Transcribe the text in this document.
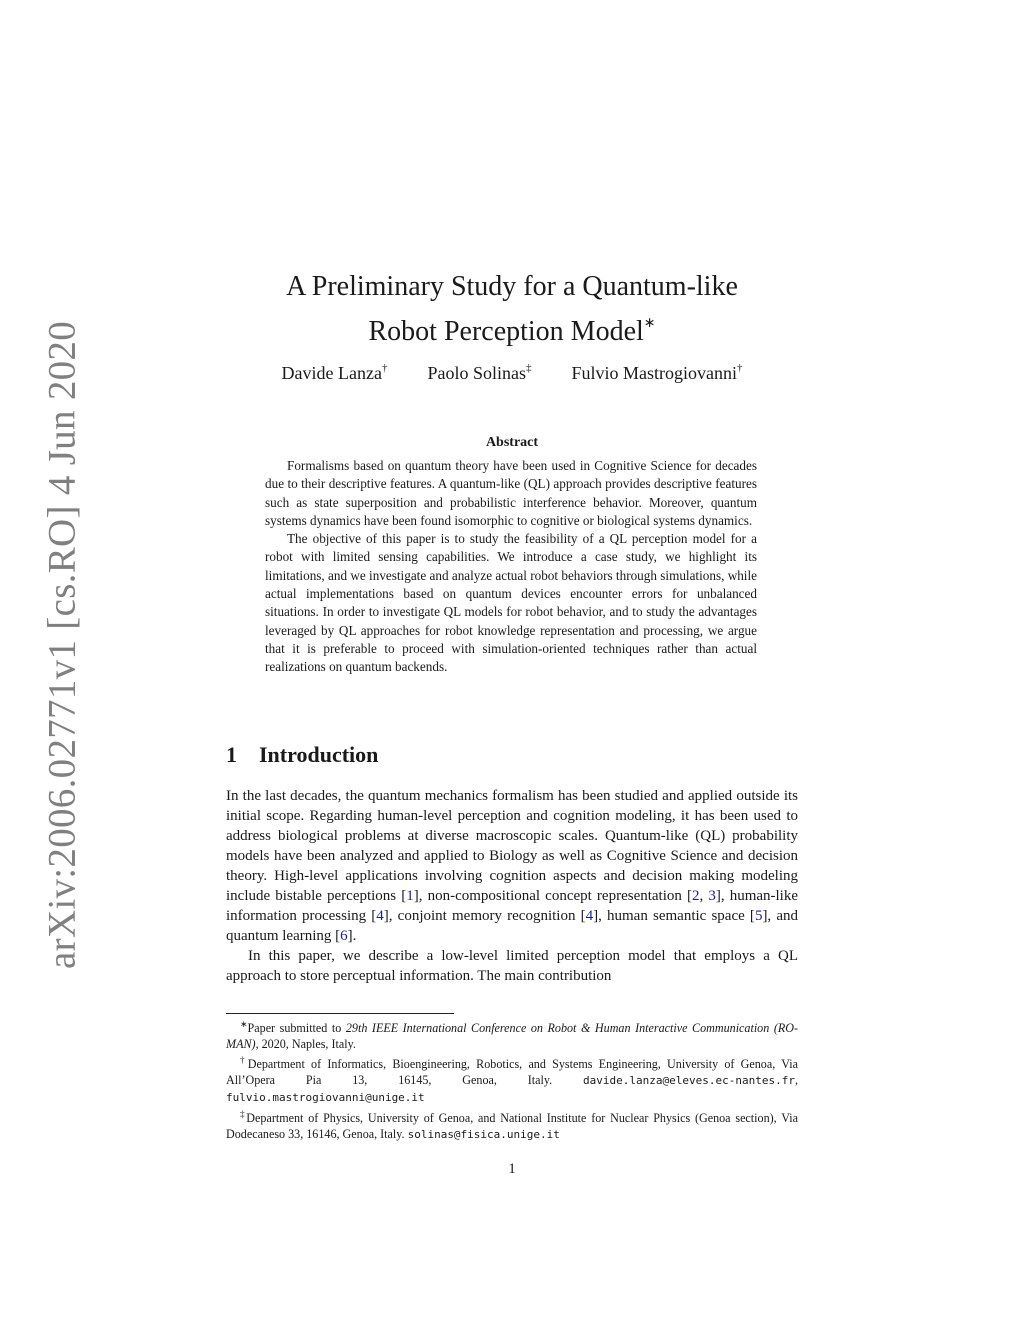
arXiv:2006.02771v1 [cs.RO] 4 Jun 2020
A Preliminary Study for a Quantum-like
Robot Perception Model∗
Davide Lanza† Paolo Solinas‡ Fulvio Mastrogiovanni†
Abstract

Formalisms based on quantum theory have been used in Cognitive Science for decades due to their descriptive features. A quantum-like (QL) approach provides descriptive features such as state superposition and probabilistic interference behavior. Moreover, quantum systems dynamics have been found isomorphic to cognitive or biological systems dynamics.

The objective of this paper is to study the feasibility of a QL perception model for a robot with limited sensing capabilities. We introduce a case study, we highlight its limitations, and we investigate and analyze actual robot behaviors through simulations, while actual implementations based on quantum devices encounter errors for unbalanced situations. In order to investigate QL models for robot behavior, and to study the advantages leveraged by QL approaches for robot knowledge representation and processing, we argue that it is preferable to proceed with simulation-oriented techniques rather than actual realizations on quantum backends.

1 Introduction

In the last decades, the quantum mechanics formalism has been studied and applied outside its initial scope. Regarding human-level perception and cognition modeling, it has been used to address biological problems at diverse macroscopic scales. Quantum-like (QL) probability models have been analyzed and applied to Biology as well as Cognitive Science and decision theory. High-level applications involving cognition aspects and decision making modeling include bistable perceptions [1], non-compositional concept representation [2, 3], human-like information processing [4], conjoint memory recognition [4], human semantic space [5], and quantum learning [6].

In this paper, we describe a low-level limited perception model that employs a QL approach to store perceptual information. The main contribution

∗Paper submitted to 29th IEEE International Conference on Robot & Human Interactive Communication (RO-MAN), 2020, Naples, Italy.

†Department of Informatics, Bioengineering, Robotics, and Systems Engineering, University of Genoa, Via All’Opera Pia 13, 16145, Genoa, Italy.	davide.lanza@eleves.ec-nantes.fr, fulvio.mastrogiovanni@unige.it

‡Department of Physics, University of Genoa, and National Institute for Nuclear Physics (Genoa section), Via Dodecaneso 33, 16146, Genoa, Italy. solinas@fisica.unige.it

1
